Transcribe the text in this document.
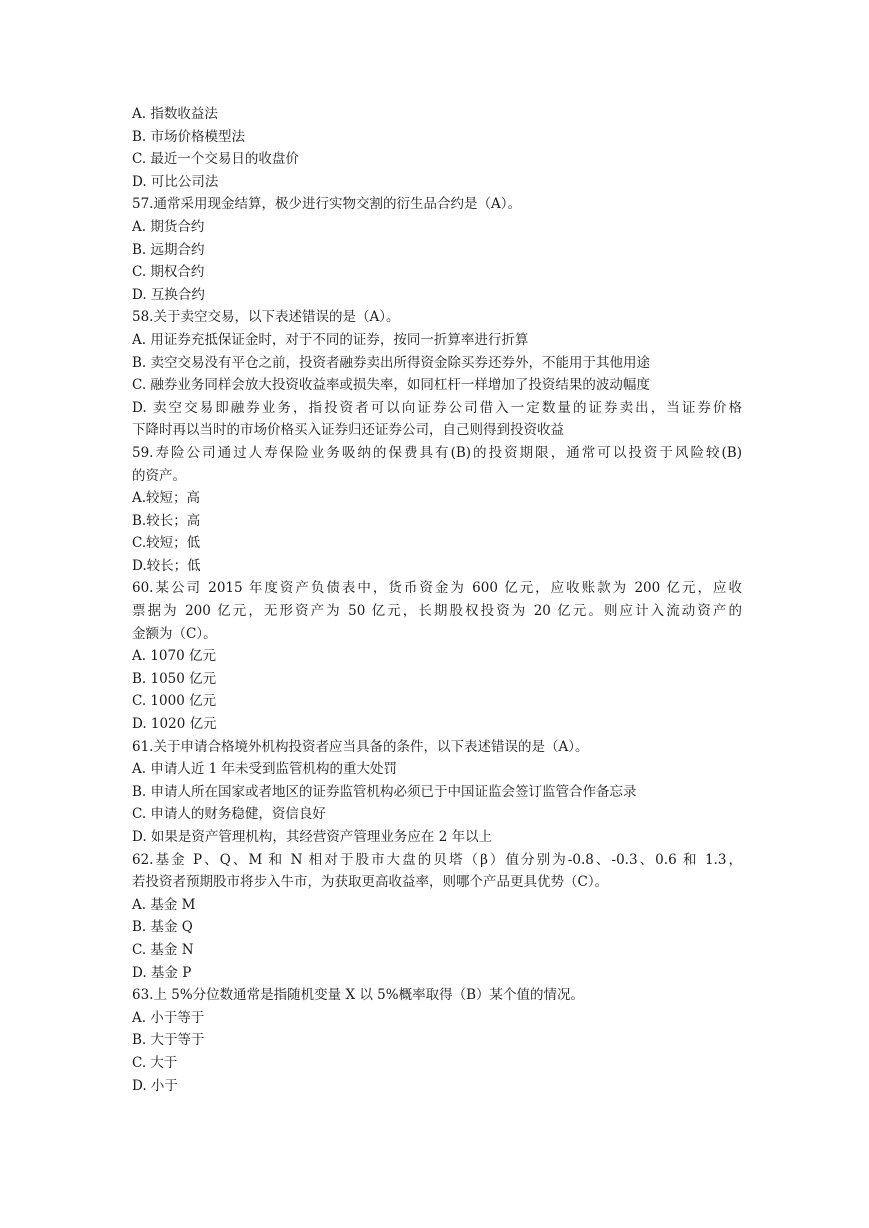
A. 指数收益法
B. 市场价格模型法
C. 最近一个交易日的收盘价
D. 可比公司法
57.通常采用现金结算，极少进行实物交割的衍生品合约是（A）。
A. 期货合约
B. 远期合约
C. 期权合约
D. 互换合约
58.关于卖空交易，以下表述错误的是（A）。
A. 用证券充抵保证金时，对于不同的证券，按同一折算率进行折算
B. 卖空交易没有平仓之前，投资者融券卖出所得资金除买券还券外，不能用于其他用途
C. 融券业务同样会放大投资收益率或损失率，如同杠杆一样增加了投资结果的波动幅度
D. 卖空交易即融券业务，指投资者可以向证券公司借入一定数量的证券卖出，当证券价格
下降时再以当时的市场价格买入证券归还证券公司，自己则得到投资收益
59.寿险公司通过人寿保险业务吸纳的保费具有(B)的投资期限，通常可以投资于风险较(B)
的资产。
A.较短；高
B.较长；高
C.较短；低
D.较长；低
60.某公司 2015 年度资产负债表中，货币资金为 600 亿元，应收账款为 200 亿元，应收
票据为 200 亿元，无形资产为 50 亿元，长期股权投资为 20 亿元。则应计入流动资产的
金额为（C）。
A. 1070 亿元
B. 1050 亿元
C. 1000 亿元
D. 1020 亿元
61.关于申请合格境外机构投资者应当具备的条件，以下表述错误的是（A）。
A. 申请人近 1 年未受到监管机构的重大处罚
B. 申请人所在国家或者地区的证券监管机构必须已于中国证监会签订监管合作备忘录
C. 申请人的财务稳健，资信良好
D. 如果是资产管理机构，其经营资产管理业务应在 2 年以上
62.基金 P、Q、M 和 N 相对于股市大盘的贝塔（β）值分别为-0.8、-0.3、0.6 和 1.3，
若投资者预期股市将步入牛市，为获取更高收益率，则哪个产品更具优势（C）。
A. 基金 M
B. 基金 Q
C. 基金 N
D. 基金 P
63.上 5%分位数通常是指随机变量 X 以 5%概率取得（B）某个值的情况。
A. 小于等于
B. 大于等于
C. 大于
D. 小于
